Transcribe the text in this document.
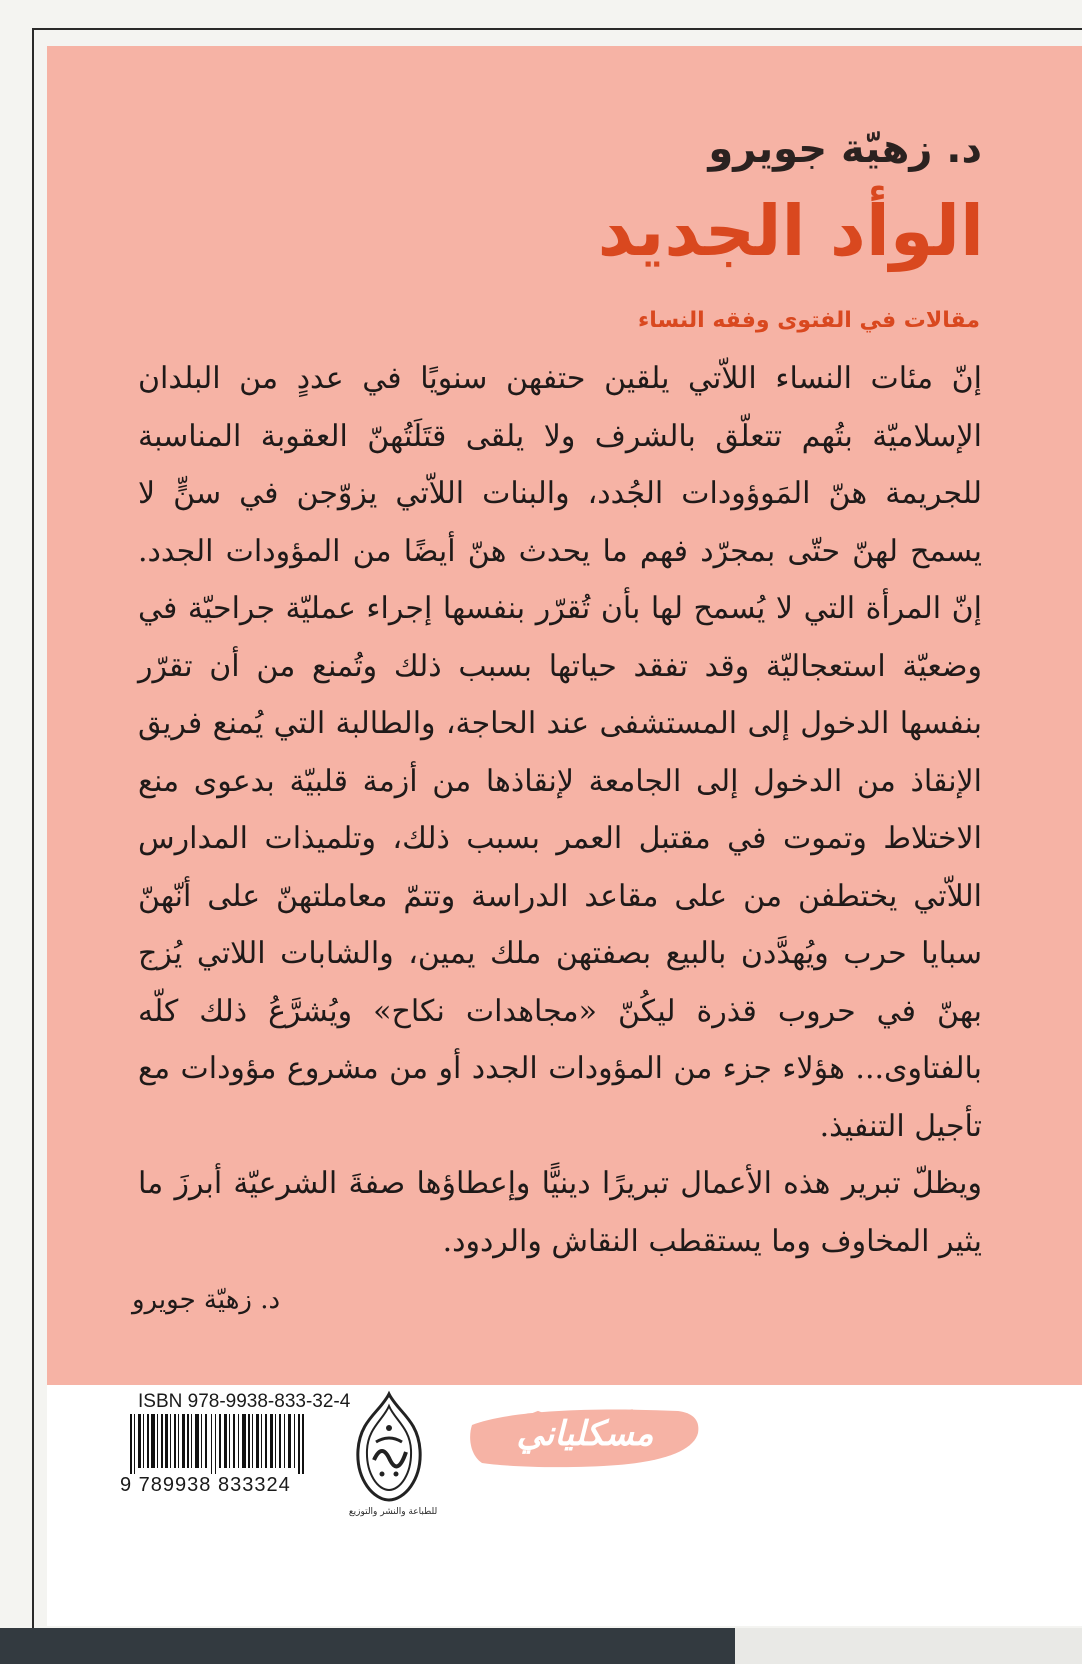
د. زهيّة جويرو
الوأد الجديد
مقالات في الفتوى وفقه النساء

إنّ مئات النساء اللاّتي يلقين حتفهن سنويًا في عددٍ من البلدان الإسلاميّة بتُهم تتعلّق بالشرف ولا يلقى قتَلَتُهنّ العقوبة المناسبة للجريمة هنّ المَوؤودات الجُدد، والبنات اللاّتي يزوّجن في سنٍّ لا يسمح لهنّ حتّى بمجرّد فهم ما يحدث هنّ أيضًا من المؤودات الجدد. إنّ المرأة التي لا يُسمح لها بأن تُقرّر بنفسها إجراء عمليّة جراحيّة في وضعيّة استعجاليّة وقد تفقد حياتها بسبب ذلك وتُمنع من أن تقرّر بنفسها الدخول إلى المستشفى عند الحاجة، والطالبة التي يُمنع فريق الإنقاذ من الدخول إلى الجامعة لإنقاذها من أزمة قلبيّة بدعوى منع الاختلاط وتموت في مقتبل العمر بسبب ذلك، وتلميذات المدارس اللاّتي يختطفن من على مقاعد الدراسة وتتمّ معاملتهنّ على أنّهنّ سبايا حرب ويُهدَّدن بالبيع بصفتهن ملك يمين، والشابات اللاتي يُزج بهنّ في حروب قذرة ليكُنّ «مجاهدات نكاح» ويُشرَّعُ ذلك كلّه بالفتاوى... هؤلاء جزء من المؤودات الجدد أو من مشروع مؤودات مع تأجيل التنفيذ.

ويظلّ تبرير هذه الأعمال تبريرًا دينيًّا وإعطاؤها صفةَ الشرعيّة أبرزَ ما يثير المخاوف وما يستقطب النقاش والردود.

د. زهيّة جويرو
ISBN 978-9938-833-32-4
9 789938 833324
للطباعة والنشر والتوزيع
مسكلياني
